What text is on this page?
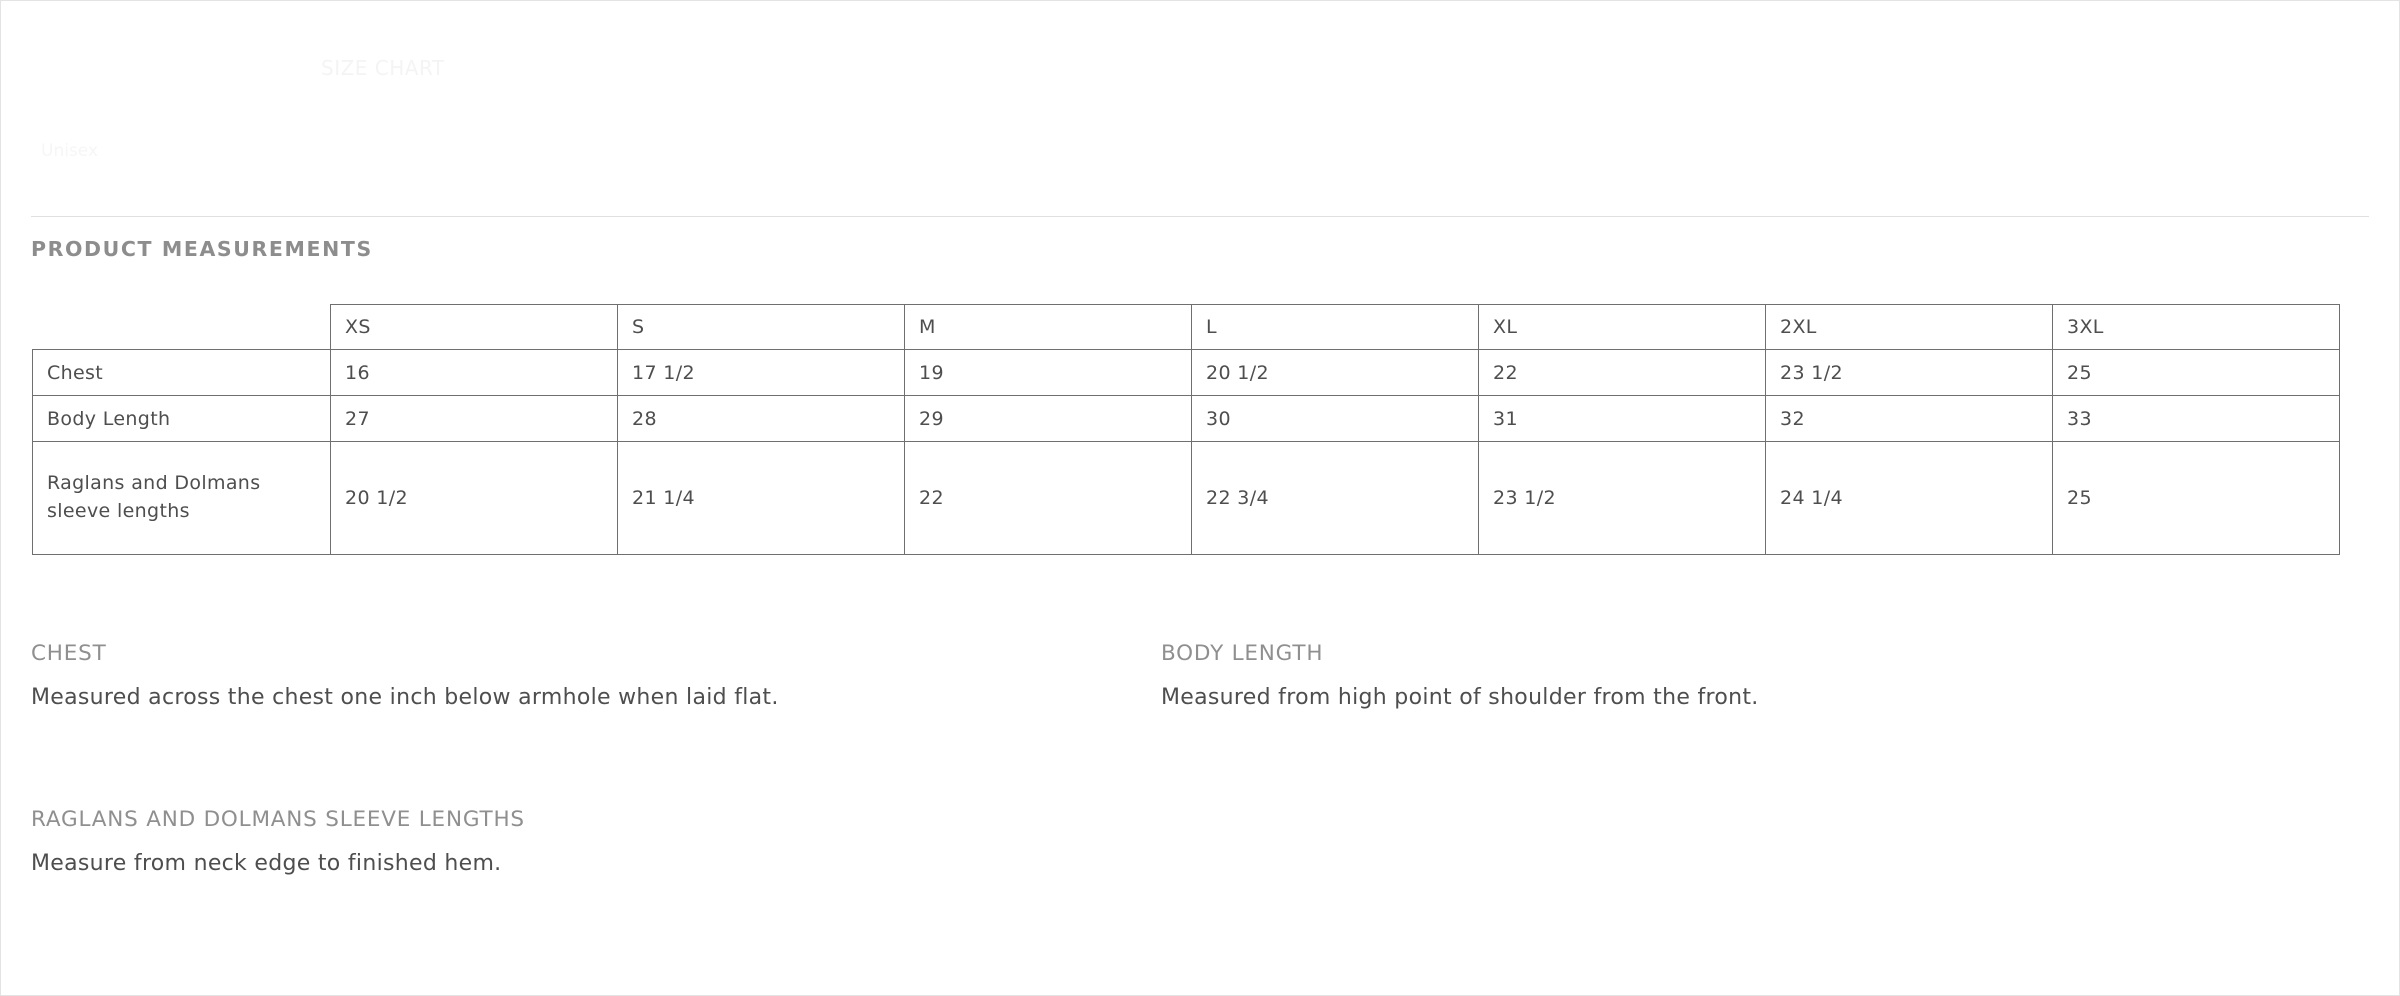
SIZE CHART
Unisex
PRODUCT MEASUREMENTS
	XS	S	M	L	XL	2XL	3XL
Chest	16	17 1/2	19	20 1/2	22	23 1/2	25
Body Length	27	28	29	30	31	32	33
Raglans and Dolmans sleeve lengths	20 1/2	21 1/4	22	22 3/4	23 1/2	24 1/4	25
CHEST
Measured across the chest one inch below armhole when laid flat.
BODY LENGTH
Measured from high point of shoulder from the front.
RAGLANS AND DOLMANS SLEEVE LENGTHS
Measure from neck edge to finished hem.
